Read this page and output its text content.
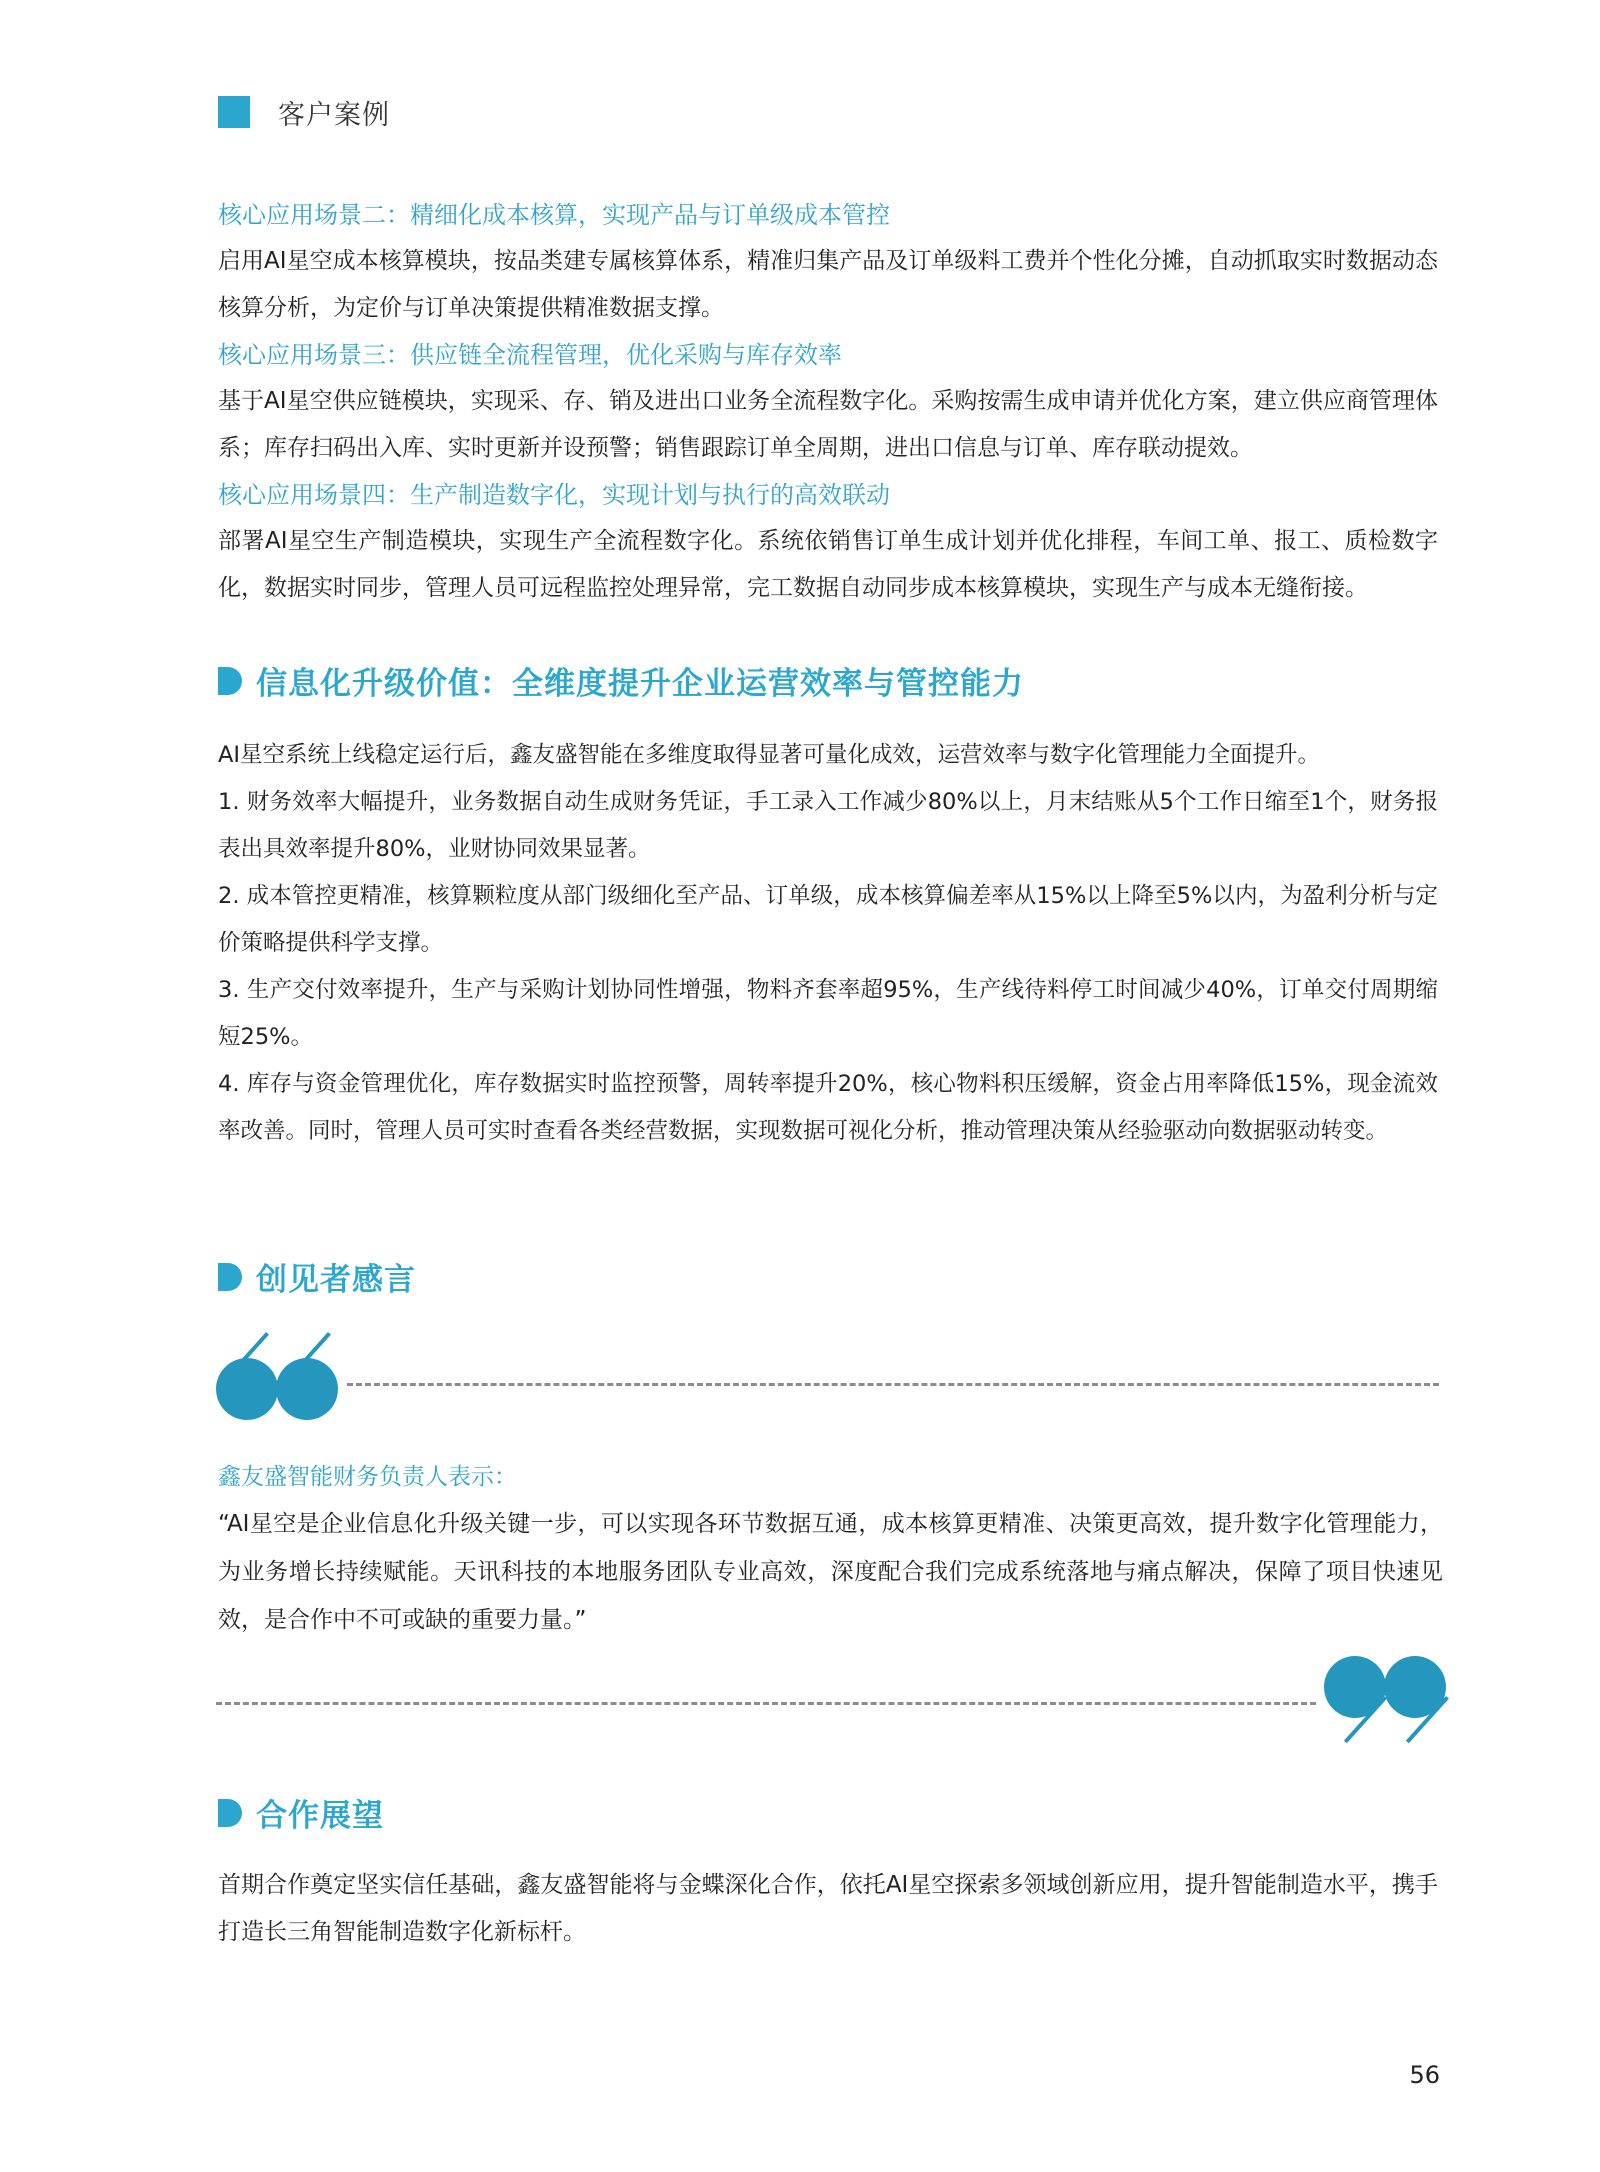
客户案例
核心应用场景二：精细化成本核算，实现产品与订单级成本管控
启用AI星空成本核算模块，按品类建专属核算体系，精准归集产品及订单级料工费并个性化分摊，自动抓取实时数据动态核算分析，为定价与订单决策提供精准数据支撑。
核心应用场景三：供应链全流程管理，优化采购与库存效率
基于AI星空供应链模块，实现采、存、销及进出口业务全流程数字化。采购按需生成申请并优化方案，建立供应商管理体系；库存扫码出入库、实时更新并设预警；销售跟踪订单全周期，进出口信息与订单、库存联动提效。
核心应用场景四：生产制造数字化，实现计划与执行的高效联动
部署AI星空生产制造模块，实现生产全流程数字化。系统依销售订单生成计划并优化排程，车间工单、报工、质检数字化，数据实时同步，管理人员可远程监控处理异常，完工数据自动同步成本核算模块，实现生产与成本无缝衔接。
信息化升级价值：全维度提升企业运营效率与管控能力
AI星空系统上线稳定运行后，鑫友盛智能在多维度取得显著可量化成效，运营效率与数字化管理能力全面提升。
1. 财务效率大幅提升，业务数据自动生成财务凭证，手工录入工作减少80%以上，月末结账从5个工作日缩至1个，财务报表出具效率提升80%，业财协同效果显著。
2. 成本管控更精准，核算颗粒度从部门级细化至产品、订单级，成本核算偏差率从15%以上降至5%以内，为盈利分析与定价策略提供科学支撑。
3. 生产交付效率提升，生产与采购计划协同性增强，物料齐套率超95%，生产线待料停工时间减少40%，订单交付周期缩短25%。
4. 库存与资金管理优化，库存数据实时监控预警，周转率提升20%，核心物料积压缓解，资金占用率降低15%，现金流效率改善。同时，管理人员可实时查看各类经营数据，实现数据可视化分析，推动管理决策从经验驱动向数据驱动转变。
创见者感言
鑫友盛智能财务负责人表示：
“AI星空是企业信息化升级关键一步，可以实现各环节数据互通，成本核算更精准、决策更高效，提升数字化管理能力，为业务增长持续赋能。天讯科技的本地服务团队专业高效，深度配合我们完成系统落地与痛点解决，保障了项目快速见效，是合作中不可或缺的重要力量。”
合作展望
首期合作奠定坚实信任基础，鑫友盛智能将与金蝶深化合作，依托AI星空探索多领域创新应用，提升智能制造水平，携手打造长三角智能制造数字化新标杆。
56
